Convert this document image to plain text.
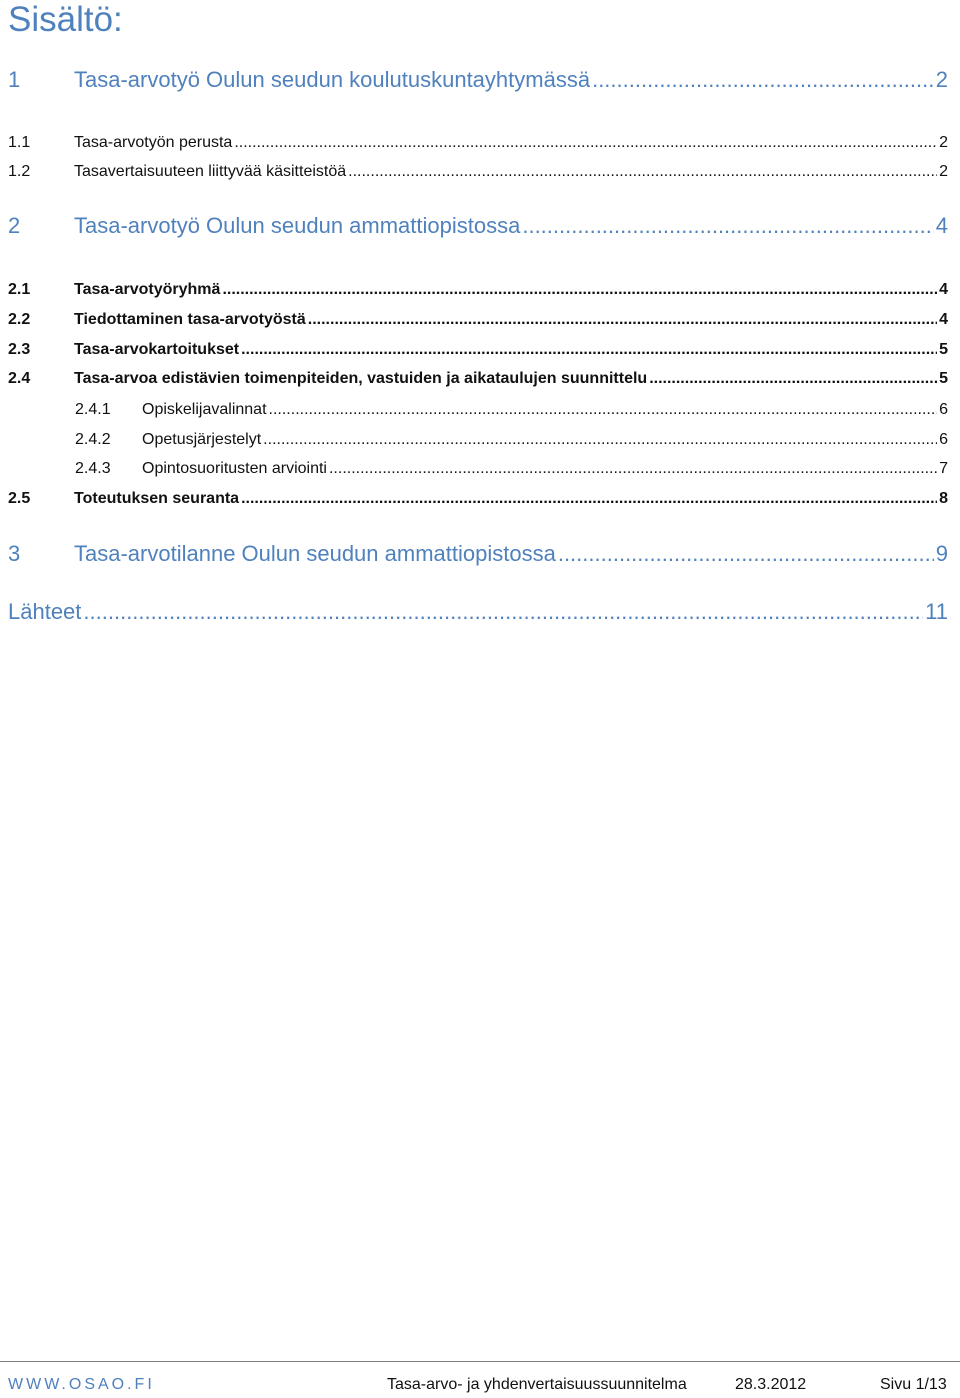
Sisältö:
1	Tasa-arvotyö Oulun seudun koulutuskuntayhtymässä .....	2
1.1	Tasa-arvotyön perusta .....	2
1.2	Tasavertaisuuteen liittyvää käsitteistöä .....	2
2	Tasa-arvotyö Oulun seudun ammattiopistossa .....	4
2.1	Tasa-arvotyöryhmä .....	4
2.2	Tiedottaminen tasa-arvotyöstä .....	4
2.3	Tasa-arvokartoitukset .....	5
2.4	Tasa-arvoa edistävien toimenpiteiden, vastuiden ja aikataulujen suunnittelu .....	5
2.4.1	Opiskelijavalinnat .....	6
2.4.2	Opetusjärjestelyt .....	6
2.4.3	Opintosuoritusten arviointi .....	7
2.5	Toteutuksen seuranta .....	8
3	Tasa-arvotilanne Oulun seudun ammattiopistossa .....	9
Lähteet .....	11
WWW.OSAO.FI	Tasa-arvo- ja yhdenvertaisuussuunnitelma	28.3.2012	Sivu 1/13
